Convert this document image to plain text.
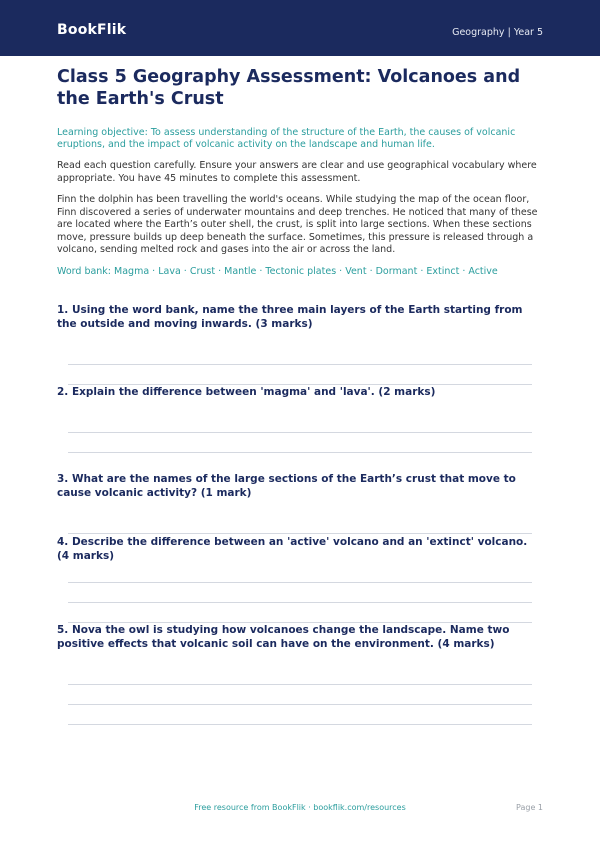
BookFlik	Geography | Year 5
Class 5 Geography Assessment: Volcanoes and the Earth's Crust
Learning objective: To assess understanding of the structure of the Earth, the causes of volcanic eruptions, and the impact of volcanic activity on the landscape and human life.
Read each question carefully. Ensure your answers are clear and use geographical vocabulary where appropriate. You have 45 minutes to complete this assessment.
Finn the dolphin has been travelling the world's oceans. While studying the map of the ocean floor, Finn discovered a series of underwater mountains and deep trenches. He noticed that many of these are located where the Earth’s outer shell, the crust, is split into large sections. When these sections move, pressure builds up deep beneath the surface. Sometimes, this pressure is released through a volcano, sending melted rock and gases into the air or across the land.
Word bank: Magma · Lava · Crust · Mantle · Tectonic plates · Vent · Dormant · Extinct · Active
1. Using the word bank, name the three main layers of the Earth starting from the outside and moving inwards. (3 marks)
2. Explain the difference between 'magma' and 'lava'. (2 marks)
3. What are the names of the large sections of the Earth’s crust that move to cause volcanic activity? (1 mark)
4. Describe the difference between an 'active' volcano and an 'extinct' volcano. (4 marks)
5. Nova the owl is studying how volcanoes change the landscape. Name two positive effects that volcanic soil can have on the environment. (4 marks)
Free resource from BookFlik · bookflik.com/resources	Page 1
